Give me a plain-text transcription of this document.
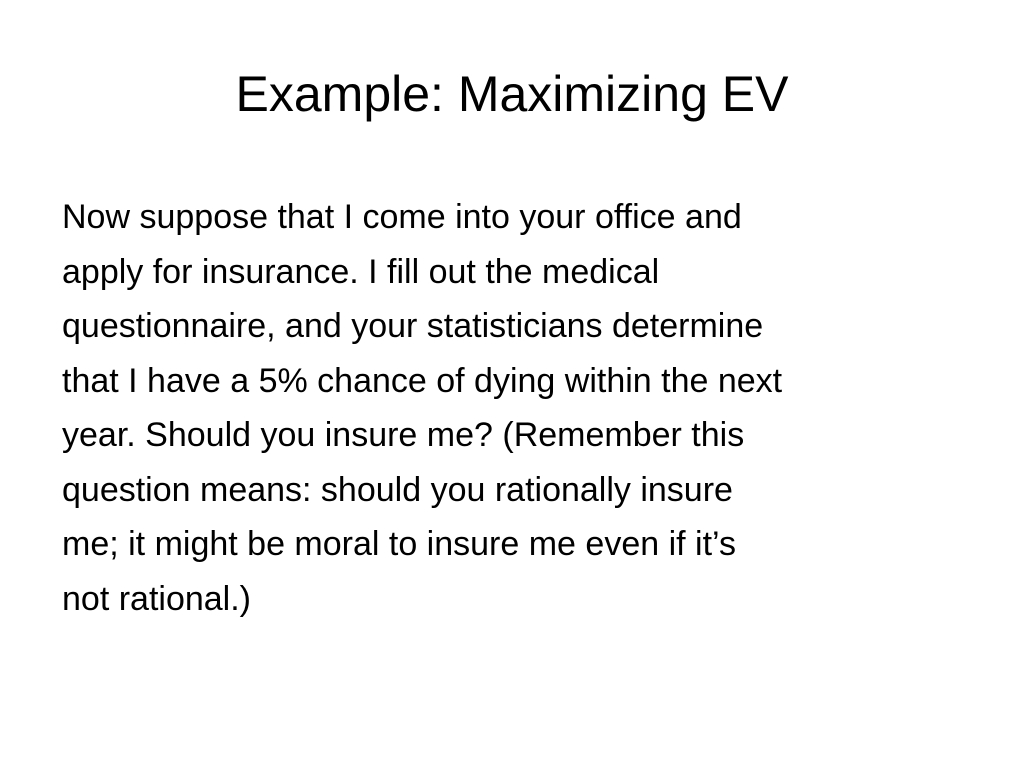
Example: Maximizing EV

Now suppose that I come into your office and
apply for insurance. I fill out the medical
questionnaire, and your statisticians determine
that I have a 5% chance of dying within the next
year. Should you insure me? (Remember this
question means: should you rationally insure
me; it might be moral to insure me even if it’s
not rational.)
